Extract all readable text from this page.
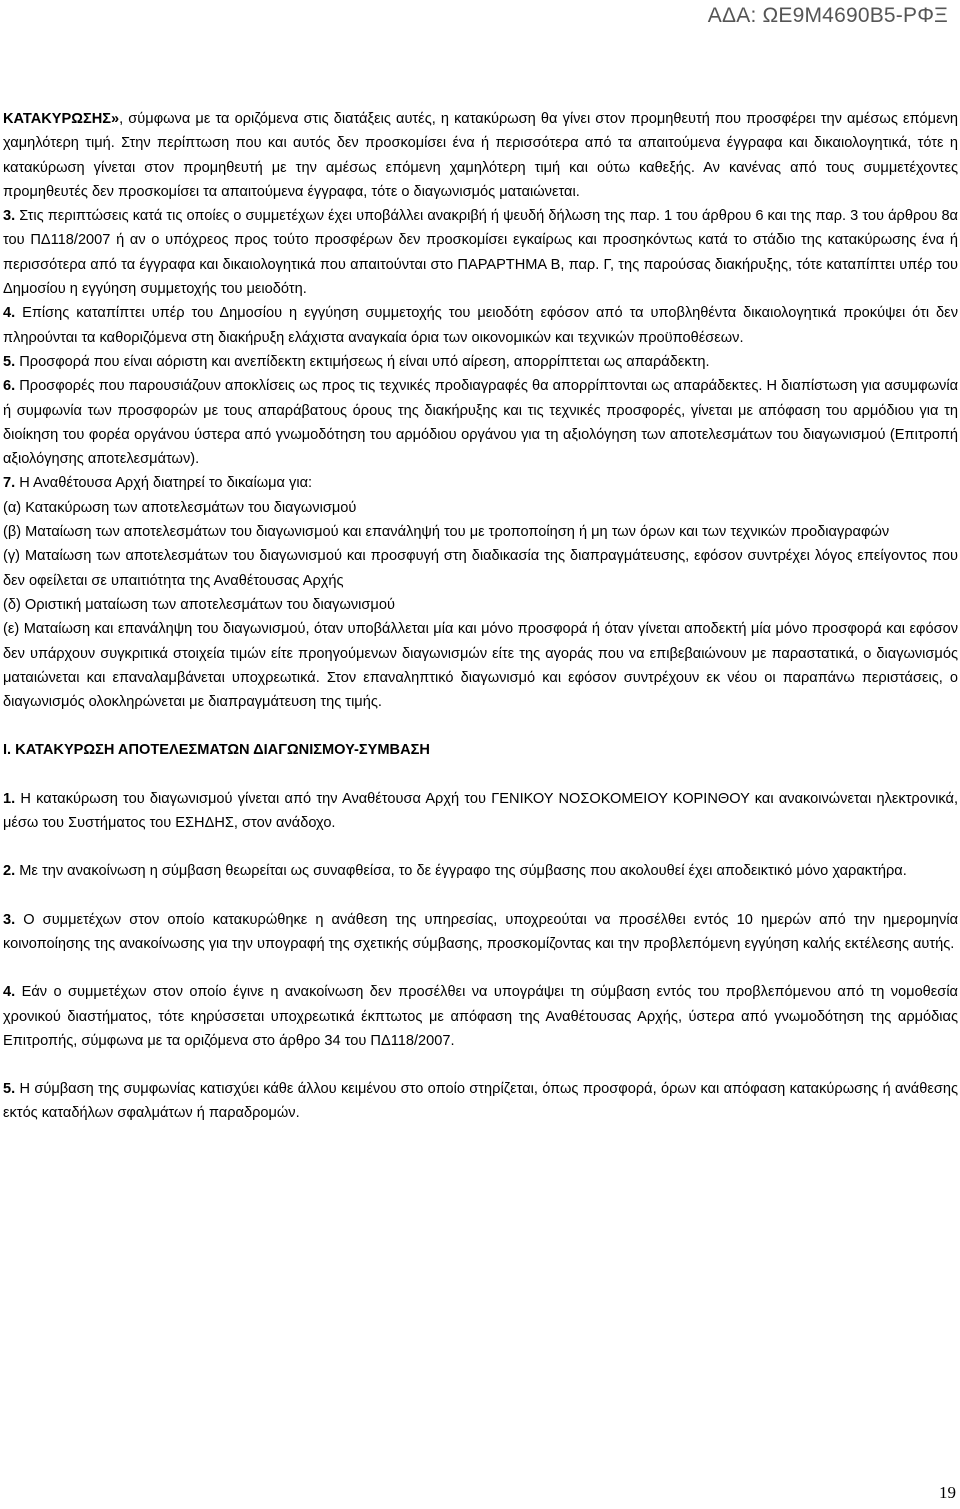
ΑΔΑ: ΩΕ9Μ4690Β5-ΡΦΞ

ΚΑΤΑΚΥΡΩΣΗΣ», σύμφωνα με τα οριζόμενα στις διατάξεις αυτές, η κατακύρωση θα γίνει στον προμηθευτή που προσφέρει την αμέσως επόμενη χαμηλότερη τιμή. Στην περίπτωση που και αυτός δεν προσκομίσει ένα ή περισσότερα από τα απαιτούμενα έγγραφα και δικαιολογητικά, τότε η κατακύρωση γίνεται στον προμηθευτή με την αμέσως επόμενη χαμηλότερη τιμή και ούτω καθεξής. Αν κανένας από τους συμμετέχοντες προμηθευτές δεν προσκομίσει τα απαιτούμενα έγγραφα, τότε ο διαγωνισμός ματαιώνεται.

3. Στις περιπτώσεις κατά τις οποίες ο συμμετέχων έχει υποβάλλει ανακριβή ή ψευδή δήλωση της παρ. 1 του άρθρου 6 και της παρ. 3 του άρθρου 8α του ΠΔ118/2007 ή αν ο υπόχρεος προς τούτο προσφέρων δεν προσκομίσει εγκαίρως και προσηκόντως κατά το στάδιο της κατακύρωσης ένα ή περισσότερα από τα έγγραφα και δικαιολογητικά που απαιτούνται στο ΠΑΡΑΡΤΗΜΑ Β, παρ. Γ, της παρούσας διακήρυξης, τότε καταπίπτει υπέρ του Δημοσίου η εγγύηση συμμετοχής του μειοδότη.

4. Επίσης καταπίπτει υπέρ του Δημοσίου η εγγύηση συμμετοχής του μειοδότη εφόσον από τα υποβληθέντα δικαιολογητικά προκύψει ότι δεν πληρούνται τα καθοριζόμενα στη διακήρυξη ελάχιστα αναγκαία όρια των οικονομικών και τεχνικών προϋποθέσεων.

5. Προσφορά που είναι αόριστη και ανεπίδεκτη εκτιμήσεως ή είναι υπό αίρεση, απορρίπτεται ως απαράδεκτη.

6. Προσφορές που παρουσιάζουν αποκλίσεις ως προς τις τεχνικές προδιαγραφές θα απορρίπτονται ως απαράδεκτες. Η διαπίστωση για ασυμφωνία ή συμφωνία των προσφορών με τους απαράβατους όρους της διακήρυξης και τις τεχνικές προσφορές, γίνεται με απόφαση του αρμόδιου για τη διοίκηση του φορέα οργάνου ύστερα από γνωμοδότηση του αρμόδιου οργάνου για τη αξιολόγηση των αποτελεσμάτων του διαγωνισμού (Επιτροπή αξιολόγησης αποτελεσμάτων).

7. Η Αναθέτουσα Αρχή διατηρεί το δικαίωμα για:

(α) Κατακύρωση των αποτελεσμάτων του διαγωνισμού

(β) Ματαίωση των αποτελεσμάτων του διαγωνισμού και επανάληψή του με τροποποίηση ή μη των όρων και των τεχνικών προδιαγραφών

(γ) Ματαίωση των αποτελεσμάτων του διαγωνισμού και προσφυγή στη διαδικασία της διαπραγμάτευσης, εφόσον συντρέχει λόγος επείγοντος που δεν οφείλεται σε υπαιτιότητα της Αναθέτουσας Αρχής

(δ) Οριστική ματαίωση των αποτελεσμάτων του διαγωνισμού

(ε) Ματαίωση και επανάληψη του διαγωνισμού, όταν υποβάλλεται μία και μόνο προσφορά ή όταν γίνεται αποδεκτή μία μόνο προσφορά και εφόσον δεν υπάρχουν συγκριτικά στοιχεία τιμών είτε προηγούμενων διαγωνισμών είτε της αγοράς που να επιβεβαιώνουν με παραστατικά, ο διαγωνισμός ματαιώνεται και επαναλαμβάνεται υποχρεωτικά. Στον επαναληπτικό διαγωνισμό και εφόσον συντρέχουν εκ νέου οι παραπάνω περιστάσεις, ο διαγωνισμός ολοκληρώνεται με διαπραγμάτευση της τιμής.

Ι. ΚΑΤΑΚΥΡΩΣΗ ΑΠΟΤΕΛΕΣΜΑΤΩΝ ΔΙΑΓΩΝΙΣΜΟΥ-ΣΥΜΒΑΣΗ

1. Η κατακύρωση του διαγωνισμού γίνεται από την Αναθέτουσα Αρχή του ΓΕΝΙΚΟΥ ΝΟΣΟΚΟΜΕΙΟΥ ΚΟΡΙΝΘΟΥ και ανακοινώνεται ηλεκτρονικά, μέσω του Συστήματος του ΕΣΗΔΗΣ, στον ανάδοχο.

2. Με την ανακοίνωση η σύμβαση θεωρείται ως συναφθείσα, το δε έγγραφο της σύμβασης που ακολουθεί έχει αποδεικτικό μόνο χαρακτήρα.

3. Ο συμμετέχων στον οποίο κατακυρώθηκε η ανάθεση της υπηρεσίας, υποχρεούται να προσέλθει εντός 10 ημερών από την ημερομηνία κοινοποίησης της ανακοίνωσης για την υπογραφή της σχετικής σύμβασης, προσκομίζοντας και την προβλεπόμενη εγγύηση καλής εκτέλεσης αυτής.

4. Εάν ο συμμετέχων στον οποίο έγινε η ανακοίνωση δεν προσέλθει να υπογράψει τη σύμβαση εντός του προβλεπόμενου από τη νομοθεσία χρονικού διαστήματος, τότε κηρύσσεται υποχρεωτικά έκπτωτος με απόφαση της Αναθέτουσας Αρχής, ύστερα από γνωμοδότηση της αρμόδιας Επιτροπής, σύμφωνα με τα οριζόμενα στο άρθρο 34 του ΠΔ118/2007.

5. Η σύμβαση της συμφωνίας κατισχύει κάθε άλλου κειμένου στο οποίο στηρίζεται, όπως προσφορά, όρων και απόφαση κατακύρωσης ή ανάθεσης εκτός καταδήλων σφαλμάτων ή παραδρομών.

19
